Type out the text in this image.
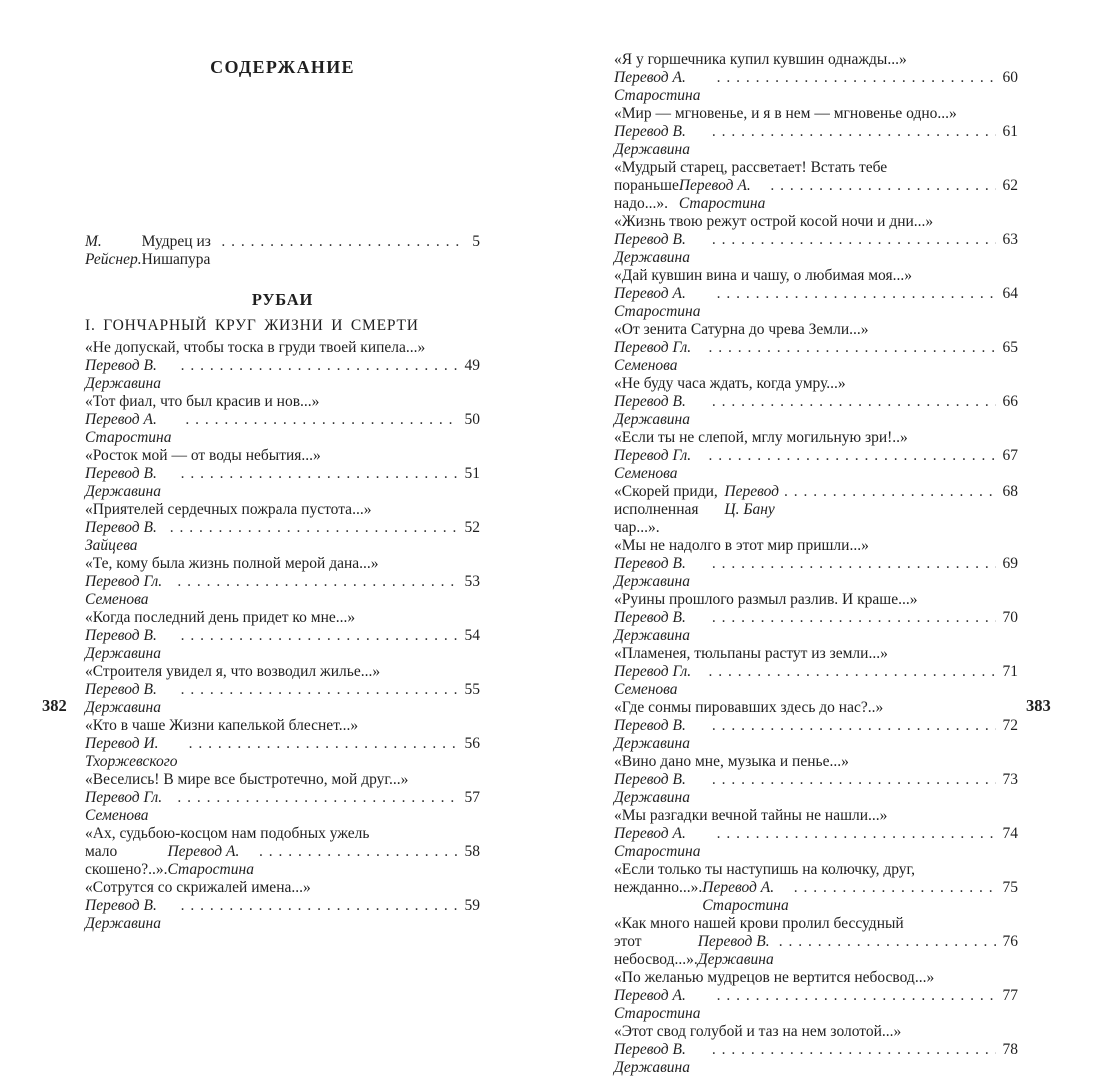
СОДЕРЖАНИЕ
М. Рейснер.
Мудрец из Нишапура
. . .
5
РУБАИ
I. ГОНЧАРНЫЙ КРУГ ЖИЗНИ И СМЕРТИ
«Не допускай, чтобы тоска в груди твоей кипела...»
Перевод В. Державина
. . .
49
«Тот фиал, что был красив и нов...»
Перевод А. Старостина
. . .
50
«Росток мой — от воды небытия...»
Перевод В. Державина
. . .
51
«Приятелей сердечных пожрала пустота...»
Перевод В. Зайцева
. . .
52
«Те, кому была жизнь полной мерой дана...»
Перевод Гл. Семенова
. . .
53
«Когда последний день придет ко мне...»
Перевод В. Державина
. . .
54
«Строителя увидел я, что возводил жилье...»
Перевод В. Державина
. . .
55
«Кто в чаше Жизни капелькой блеснет...»
Перевод И. Тхоржевского
. . .
56
«Веселись! В мире все быстротечно, мой друг...»
Перевод Гл. Семенова
. . .
57
«Ах, судьбою-косцом нам подобных ужель
мало скошено?..».
Перевод А. Старостина
. . .
58
«Сотрутся со скрижалей имена...»
Перевод В. Державина
. . .
59
«Я у горшечника купил кувшин однажды...»
Перевод А. Старостина
. . .
60
«Мир — мгновенье, и я в нем — мгновенье одно...»
Перевод В. Державина
. . .
61
«Мудрый старец, рассветает! Встать тебе
пораньше надо...».
Перевод А. Старостина
. . .
62
«Жизнь твою режут острой косой ночи и дни...»
Перевод В. Державина
. . .
63
«Дай кувшин вина и чашу, о любимая моя...»
Перевод А. Старостина
. . .
64
«От зенита Сатурна до чрева Земли...»
Перевод Гл. Семенова
. . .
65
«Не буду часа ждать, когда умру...»
Перевод В. Державина
. . .
66
«Если ты не слепой, мглу могильную зри!..»
Перевод Гл. Семенова
. . .
67
«Скорей приди, исполненная чар...».
Перевод Ц. Бану
. . .
68
«Мы не надолго в этот мир пришли...»
Перевод В. Державина
. . .
69
«Руины прошлого размыл разлив. И краше...»
Перевод В. Державина
. . .
70
«Пламенея, тюльпаны растут из земли...»
Перевод Гл. Семенова
. . .
71
«Где сонмы пировавших здесь до нас?..»
Перевод В. Державина
. . .
72
«Вино дано мне, музыка и пенье...»
Перевод В. Державина
. . .
73
«Мы разгадки вечной тайны не нашли...»
Перевод А. Старостина
. . .
74
«Если только ты наступишь на колючку, друг,
нежданно...». Перевод А. Старостина
. . .
75
«Как много нашей крови пролил бессудный
этот небосвод...».
Перевод В. Державина
. . .
76
«По желанью мудрецов не вертится небосвод...»
Перевод А. Старостина
. . .
77
«Этот свод голубой и таз на нем золотой...»
Перевод В. Державина
. . .
78
382	383
